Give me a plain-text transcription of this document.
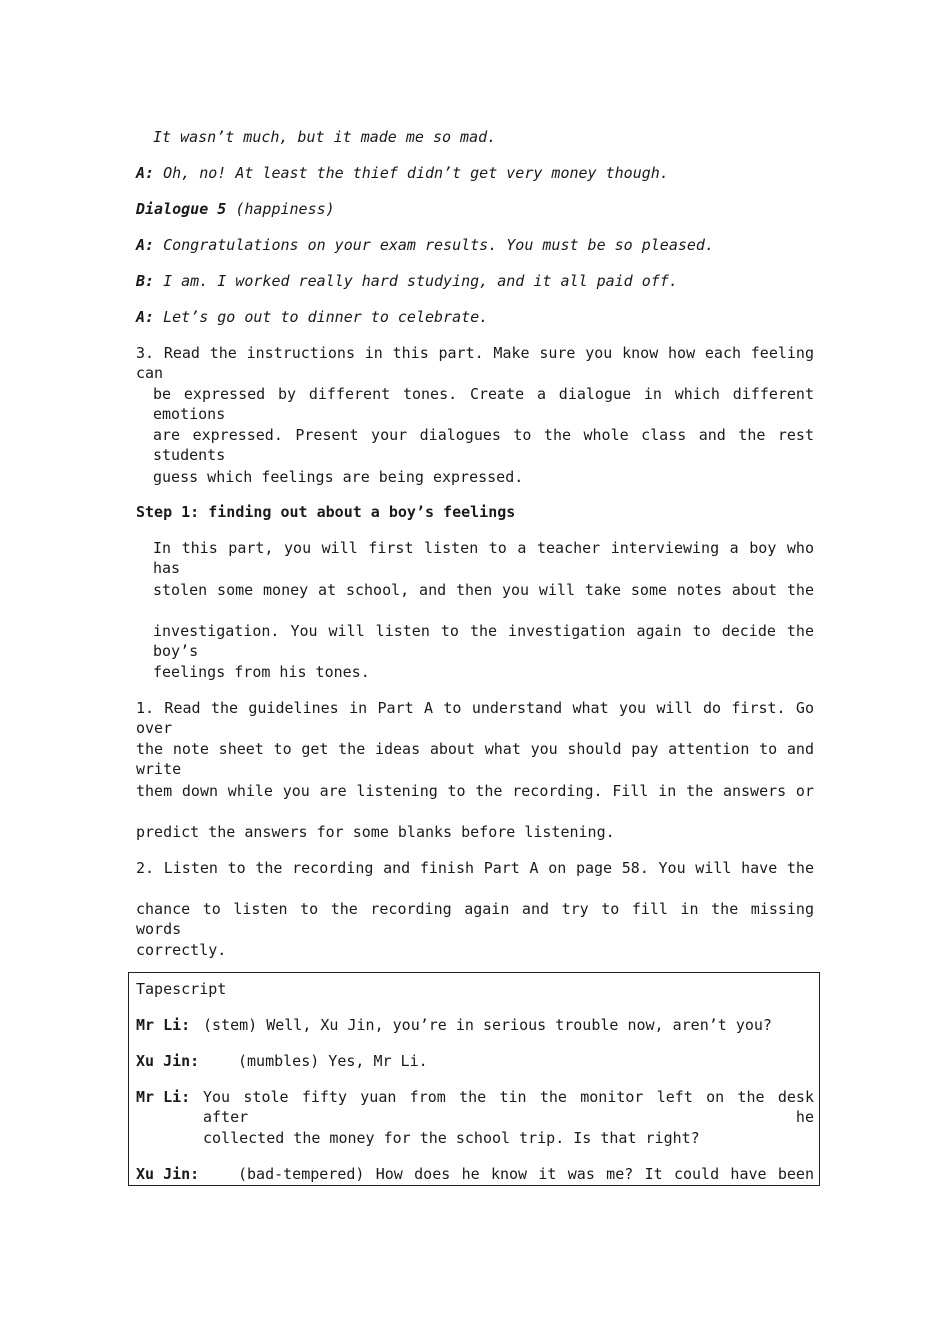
It wasn’t much, but it made me so mad.
A: Oh, no! At least the thief didn’t get very money though.
Dialogue 5 (happiness)
A: Congratulations on your exam results. You must be so pleased.
B: I am. I worked really hard studying, and it all paid off.
A: Let’s go out to dinner to celebrate.
3. Read the instructions in this part. Make sure you know how each feeling can
be expressed by different tones. Create a dialogue in which different emotions
are expressed. Present your dialogues to the whole class and the rest students
guess which feelings are being expressed.
Step 1: finding out about a boy’s feelings
In this part, you will first listen to a teacher interviewing a boy who has
stolen some money at school, and then you will take some notes about the
investigation. You will listen to the investigation again to decide the boy’s
feelings from his tones.
1. Read the guidelines in Part A to understand what you will do first. Go over
the note sheet to get the ideas about what you should pay attention to and write
them down while you are listening to the recording. Fill in the answers or
predict the answers for some blanks before listening.
2. Listen to the recording and finish Part A on page 58. You will have the
chance to listen to the recording again and try to fill in the missing words
correctly.
Tapescript
Mr Li: (stem) Well, Xu Jin, you’re in serious trouble now, aren’t you?
Xu Jin:	(mumbles) Yes, Mr Li.
Mr Li: You stole fifty yuan from the tin the monitor left on the desk after he
collected the money for the school trip. Is that right?
Xu Jin:	(bad-tempered) How does he know it was me? It could have been
